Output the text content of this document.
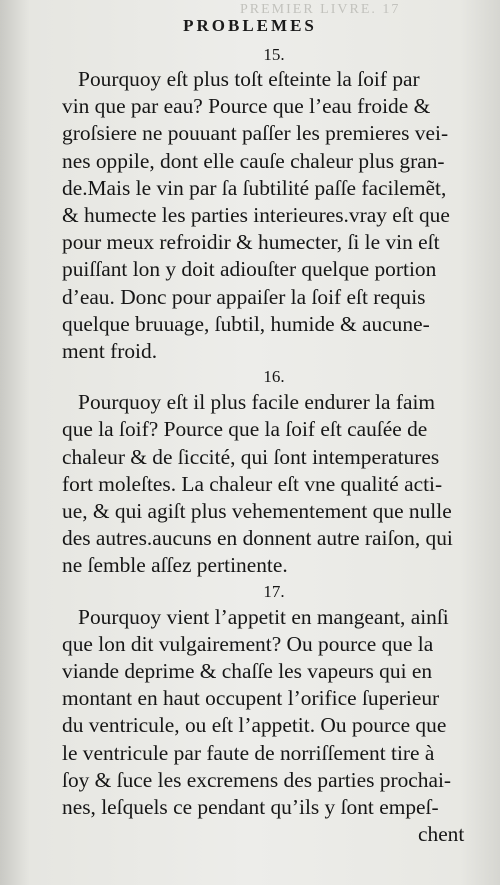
PREMIER LIVRE. 17
PROBLEMES
15.
Pourquoy eſt plus toſt eſteinte la ſoif par
vin que par eau? Pource que l’eau froide &
groſsiere ne pouuant paſſer les premieres vei-
nes oppile, dont elle cauſe chaleur plus gran-
de.Mais le vin par ſa ſubtilité paſſe facilemẽt,
& humecte les parties interieures.vray eſt que
pour meux refroidir & humecter, ſi le vin eſt
puiſſant lon y doit adiouſter quelque portion
d’eau. Donc pour appaiſer la ſoif eſt requis
quelque bruuage, ſubtil, humide & aucune-
ment froid.
16.
Pourquoy eſt il plus facile endurer la faim
que la ſoif? Pource que la ſoif eſt cauſée de
chaleur & de ſiccité, qui ſont intemperatures
fort moleſtes. La chaleur eſt vne qualité acti-
ue, & qui agiſt plus vehementement que nulle
des autres.aucuns en donnent autre raiſon, qui
ne ſemble aſſez pertinente.
17.
Pourquoy vient l’appetit en mangeant, ainſi
que lon dit vulgairement? Ou pource que la
viande deprime & chaſſe les vapeurs qui en
montant en haut occupent l’orifice ſuperieur
du ventricule, ou eſt l’appetit. Ou pource que
le ventricule par faute de norriſſement tire à
ſoy & ſuce les excremens des parties prochai-
nes, leſquels ce pendant qu’ils y ſont empeſ-
chent
